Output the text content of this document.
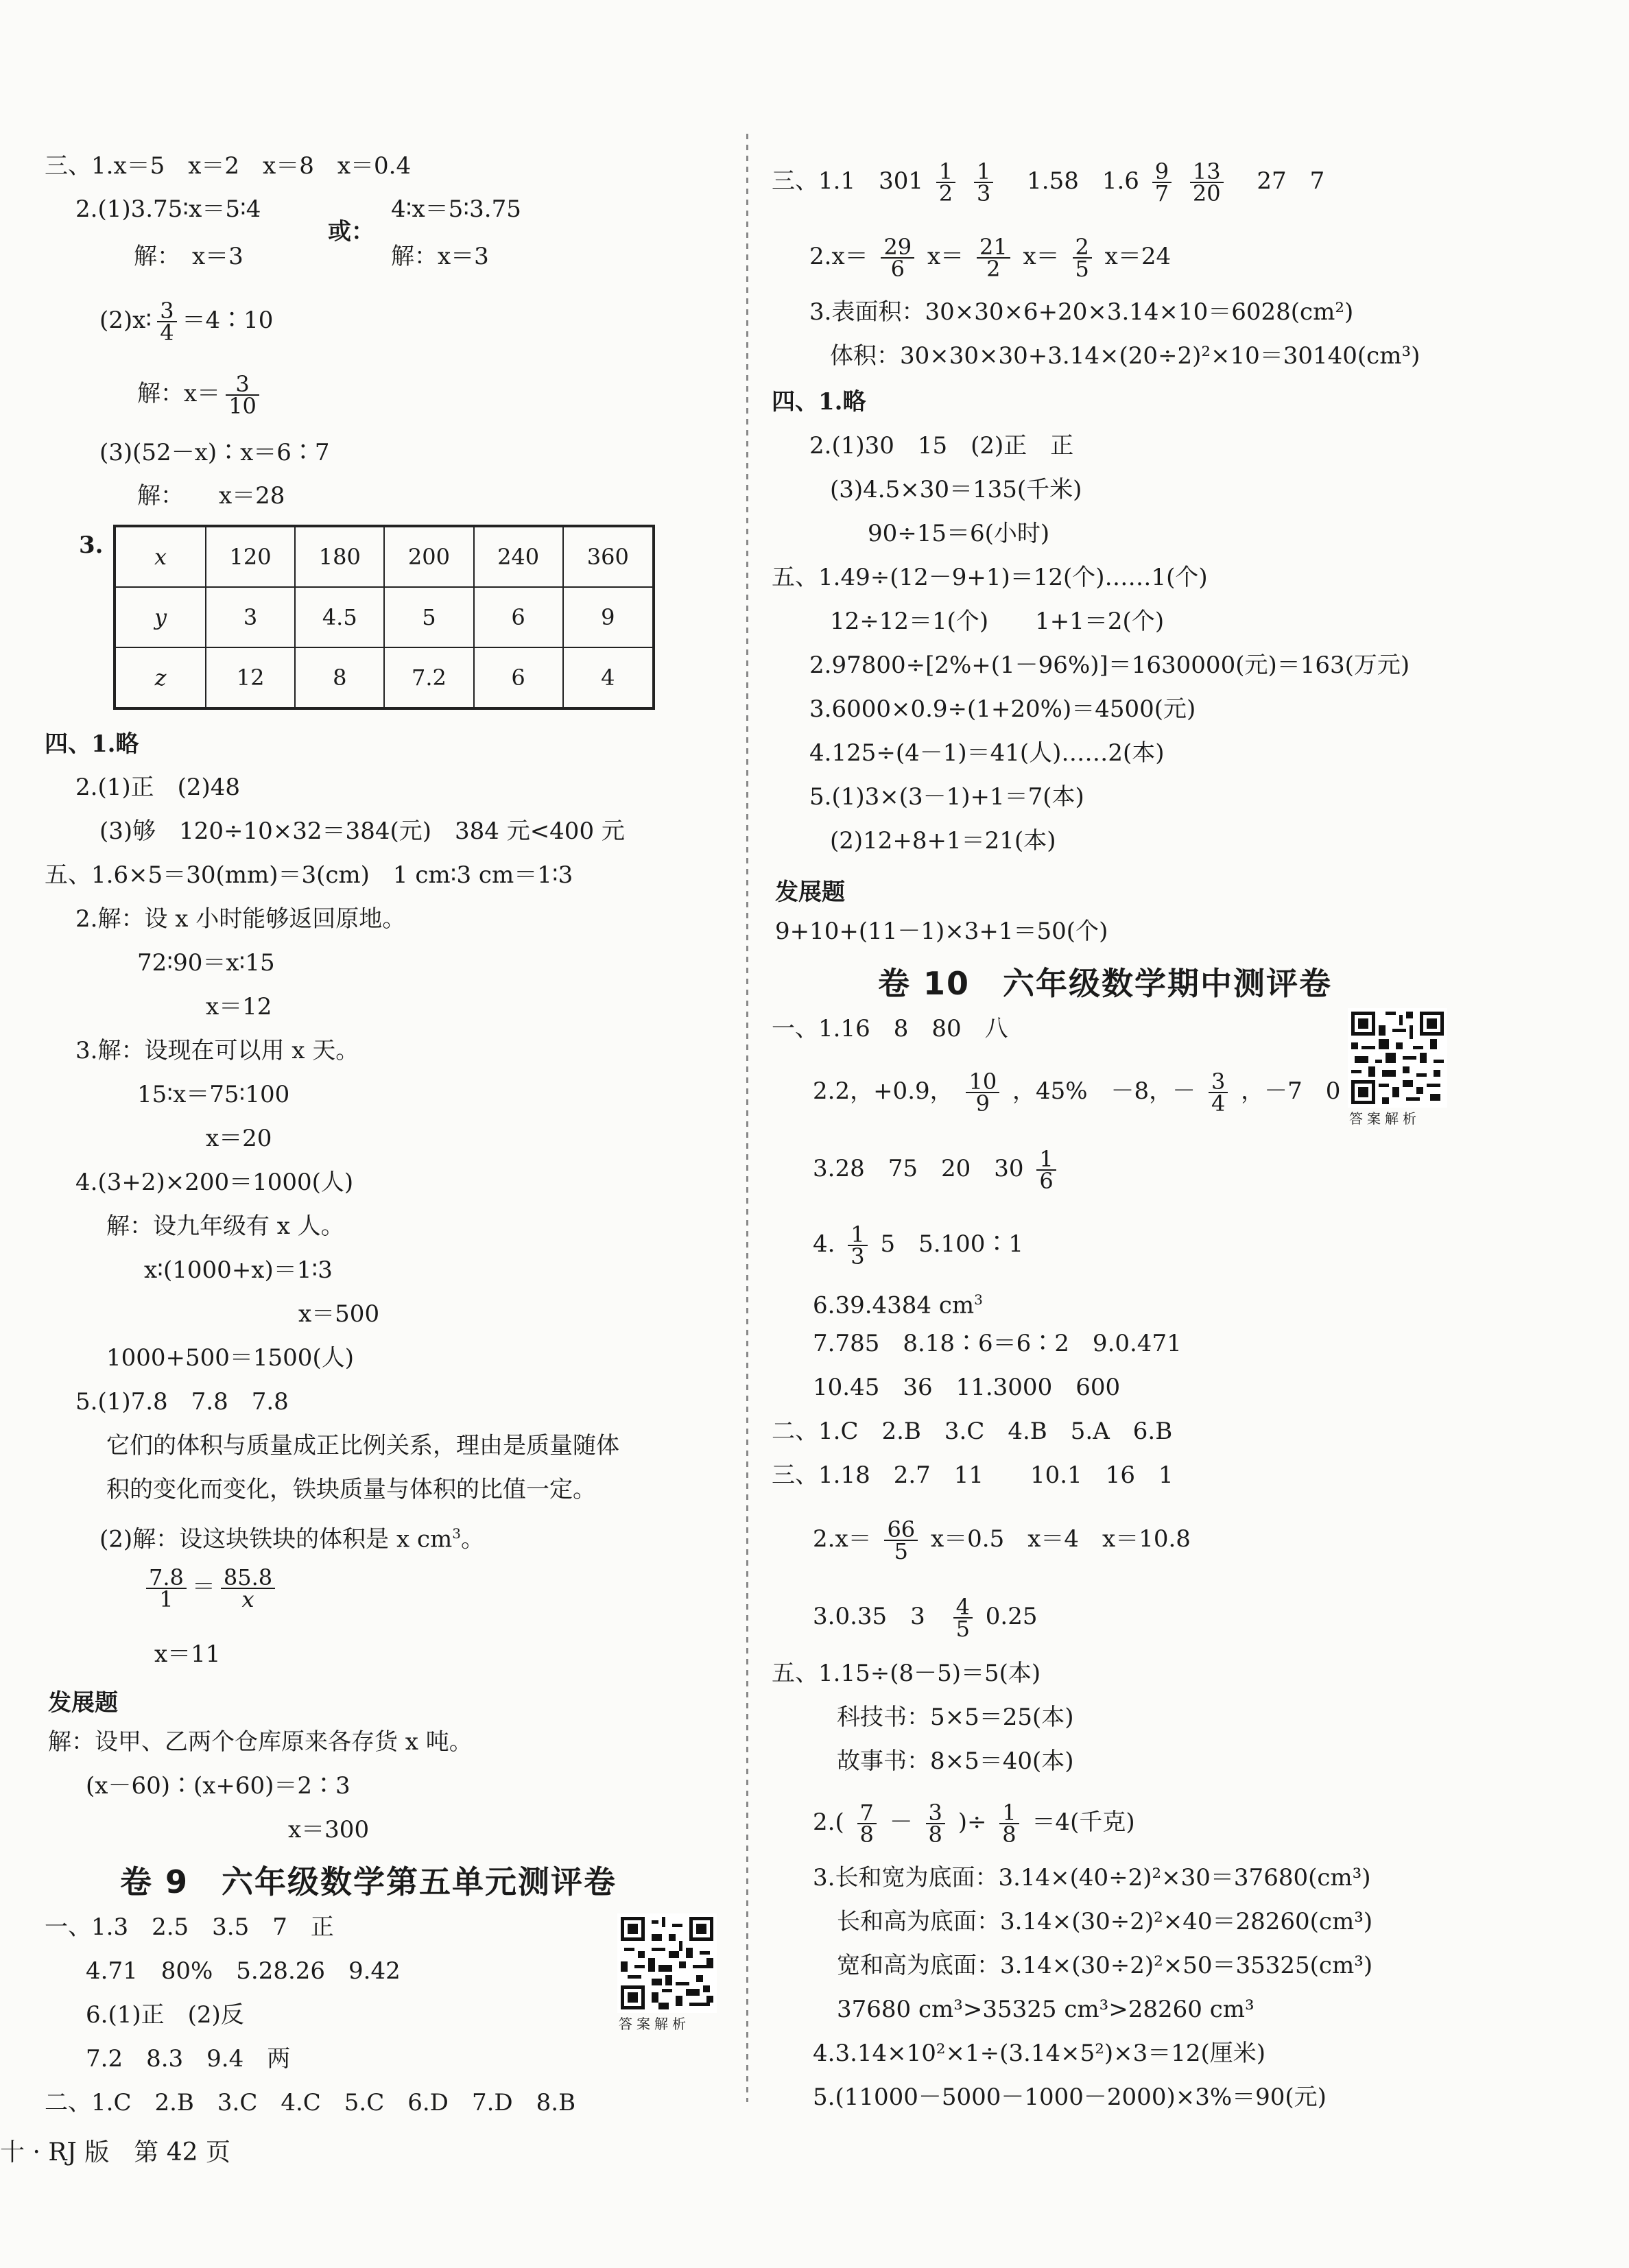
三、1.x＝5　x＝2　x＝8　x＝0.4
2.(1)3.75∶x＝5∶4
或：
4∶x＝5∶3.75
解：　x＝3	解：x＝3
(2)x∶ $\frac{3}{4}$ ＝4∶10
解：$x= \frac{3}{10}$
(3)(52－x)∶x＝6∶7
解：　　x＝28
3. x	120	180	200	240	360
y	3	4.5	5	6	9
z	12	8	7.2	6	4
四、1.略
2.(1)正　(2)48
(3)够　120÷10×32＝384(元)　384 元<400 元
五、1.6×5＝30(mm)＝3(cm)　1 cm∶3 cm＝1∶3
2.解：设 x 小时能够返回原地。
72∶90＝x∶15
x＝12
3.解：设现在可以用 x 天。
15∶x＝75∶100
x＝20
4.(3+2)×200＝1000(人)
解：设九年级有 x 人。
x∶(1000+x)＝1∶3
x＝500
1000+500＝1500(人)
5.(1)7.8　7.8　7.8
它们的体积与质量成正比例关系，理由是质量随体
积的变化而变化，铁块质量与体积的比值一定。
(2)解：设这块铁块的体积是 x $cm^3$。
$\frac{7.8}{1} = \frac{85.8}{x}$
x＝11
发展题
解：设甲、乙两个仓库原来各存货 x 吨。
(x－60)∶(x+60)＝2∶3
x＝300
卷 9　六年级数学第五单元测评卷
一、1.3　2.5　3.5　7　正
4.71　80%　5.28.26　9.42
6.(1)正　(2)反
7.2　8.3　9.4　两
二、1.C　2.B　3.C　4.C　5.C　6.D　7.D　8.B
答案解析
三、1.1　$301 \frac{1}{2}$
$\frac{1}{3} 1.58$　$1.6 \frac{9}{7}$
$\frac{13}{20} 27$　7
$2.x= \frac{29}{6} x= \frac{21}{2} x= \frac{2}{5} x=24$
3.表面积：30×30×6+20×3.14×10＝6028(cm²)
体积：30×30×30+3.14×(20÷2)²×10＝30140(cm³)
四、1.略
2.(1)30　15　(2)正　正
(3)4.5×30＝135(千米)
90÷15＝6(小时)
五、1.49÷(12－9+1)＝12(个)……1(个)
12÷12＝1(个)　　1+1＝2(个)
2.97800÷[2%+(1－96%)]＝1630000(元)＝163(万元)
3.6000×0.9÷(1+20%)＝4500(元)
4.125÷(4－1)＝41(人)……2(本)
5.(1)3×(3－1)+1＝7(本)
(2)12+8+1＝21(本)
发展题
9+10+(11－1)×3+1＝50(个)
卷 10　六年级数学期中测评卷
一、1.16　8　80　八
2.2，+0.9， $\frac{10}{9}$ ，45%　－8，－ $\frac{3}{4}$ ，－7　0
3.28　75　20　$30 \frac{1}{6}$
4. $\frac{1}{3} 5$　5.100∶1
6.39.4384 $cm^3$
7.785　8.18∶6＝6∶2　9.0.471
10.45　36　11.3000　600
二、1.C　2.B　3.C　4.B　5.A　6.B
三、1.18　2.7　11　　10.1　16　1
$2.x= \frac{66}{5} x=0.5$　x＝4　x＝10.8
3.0.35　$3 \frac{4}{5} 0.25$
五、1.15÷(8－5)＝5(本)
科技书：5×5＝25(本)
故事书：8×5＝40(本)
$2.( \frac{7}{8} - \frac{3}{8}$ )÷ $\frac{1}{8} =4$(千克)
3.长和宽为底面：3.14×(40÷2)²×30＝37680(cm³)
长和高为底面：3.14×(30÷2)²×40＝28260(cm³)
宽和高为底面：3.14×(30÷2)²×50＝35325(cm³)
37680 cm³>35325 cm³>28260 cm³
4.3.14×10²×1÷(3.14×5²)×3＝12(厘米)
5.(11000－5000－1000－2000)×3%＝90(元)
答案解析
十 · RJ 版　第 42 页
